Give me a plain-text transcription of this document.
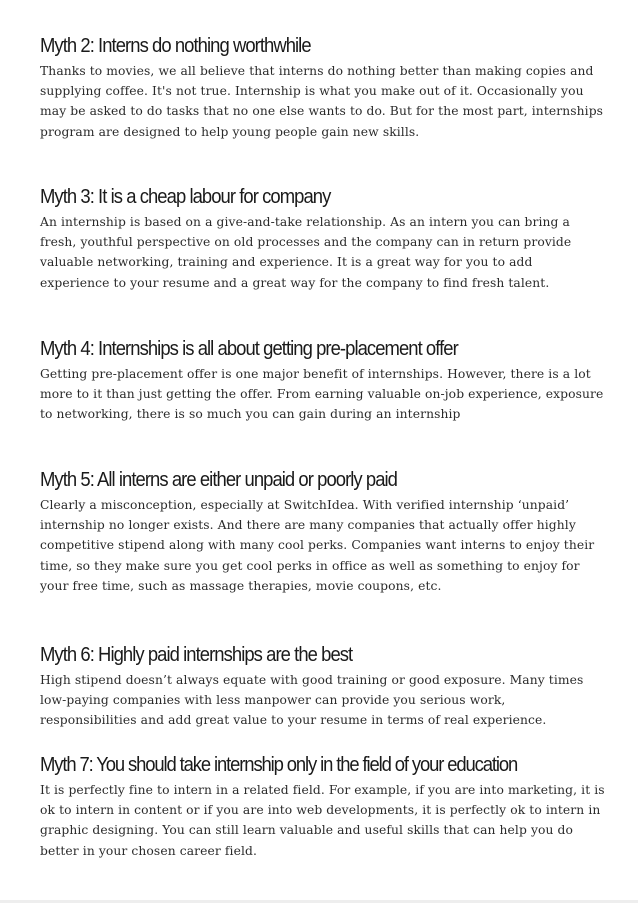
Myth 2: Interns do nothing worthwhile

Thanks to movies, we all believe that interns do nothing better than making copies and supplying coffee. It's not true. Internship is what you make out of it. Occasionally you may be asked to do tasks that no one else wants to do. But for the most part, internships program are designed to help young people gain new skills.

Myth 3: It is a cheap labour for company

An internship is based on a give-and-take relationship. As an intern you can bring a fresh, youthful perspective on old processes and the company can in return provide valuable networking, training and experience. It is a great way for you to add experience to your resume and a great way for the company to find fresh talent.

Myth 4: Internships is all about getting pre-placement offer

Getting pre-placement offer is one major benefit of internships. However, there is a lot more to it than just getting the offer. From earning valuable on-job experience, exposure to networking, there is so much you can gain during an internship

Myth 5: All interns are either unpaid or poorly paid

Clearly a misconception, especially at SwitchIdea. With verified internship ‘unpaid’ internship no longer exists. And there are many companies that actually offer highly competitive stipend along with many cool perks. Companies want interns to enjoy their time, so they make sure you get cool perks in office as well as something to enjoy for your free time, such as massage therapies, movie coupons, etc.

Myth 6: Highly paid internships are the best

High stipend doesn’t always equate with good training or good exposure. Many times low-paying companies with less manpower can provide you serious work, responsibilities and add great value to your resume in terms of real experience.

Myth 7: You should take internship only in the field of your education

It is perfectly fine to intern in a related field. For example, if you are into marketing, it is ok to intern in content or if you are into web developments, it is perfectly ok to intern in graphic designing. You can still learn valuable and useful skills that can help you do better in your chosen career field.
